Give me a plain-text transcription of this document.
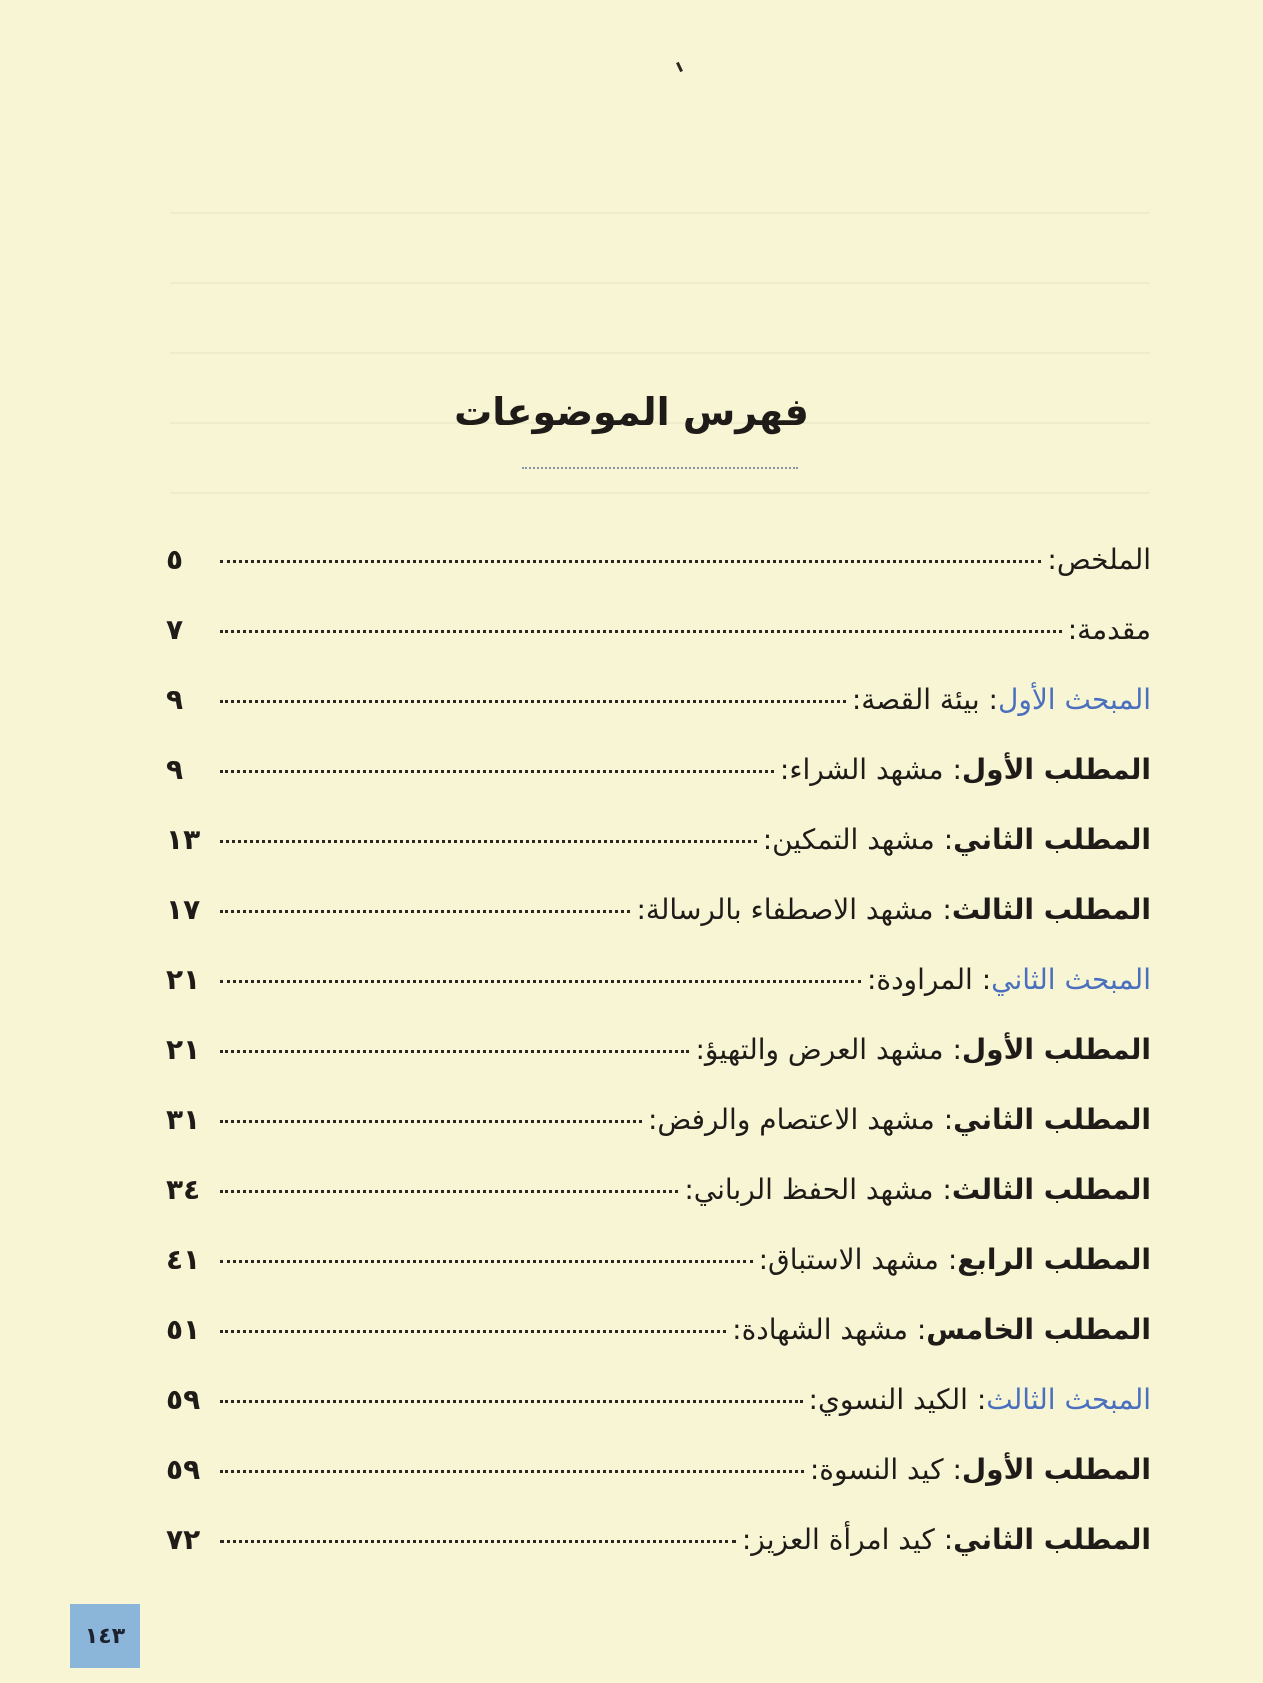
فهرس الموضوعات
الملخص:
٥
مقدمة:
٧
المبحث الأول: بيئة القصة:
٩
المطلب الأول: مشهد الشراء:
٩
المطلب الثاني: مشهد التمكين:
١٣
المطلب الثالث: مشهد الاصطفاء بالرسالة:
١٧
المبحث الثاني: المراودة:
٢١
المطلب الأول: مشهد العرض والتهيؤ:
٢١
المطلب الثاني: مشهد الاعتصام والرفض:
٣١
المطلب الثالث: مشهد الحفظ الرباني:
٣٤
المطلب الرابع: مشهد الاستباق:
٤١
المطلب الخامس: مشهد الشهادة:
٥١
المبحث الثالث: الكيد النسوي:
٥٩
المطلب الأول: كيد النسوة:
٥٩
المطلب الثاني: كيد امرأة العزيز:
٧٢
١٤٣
